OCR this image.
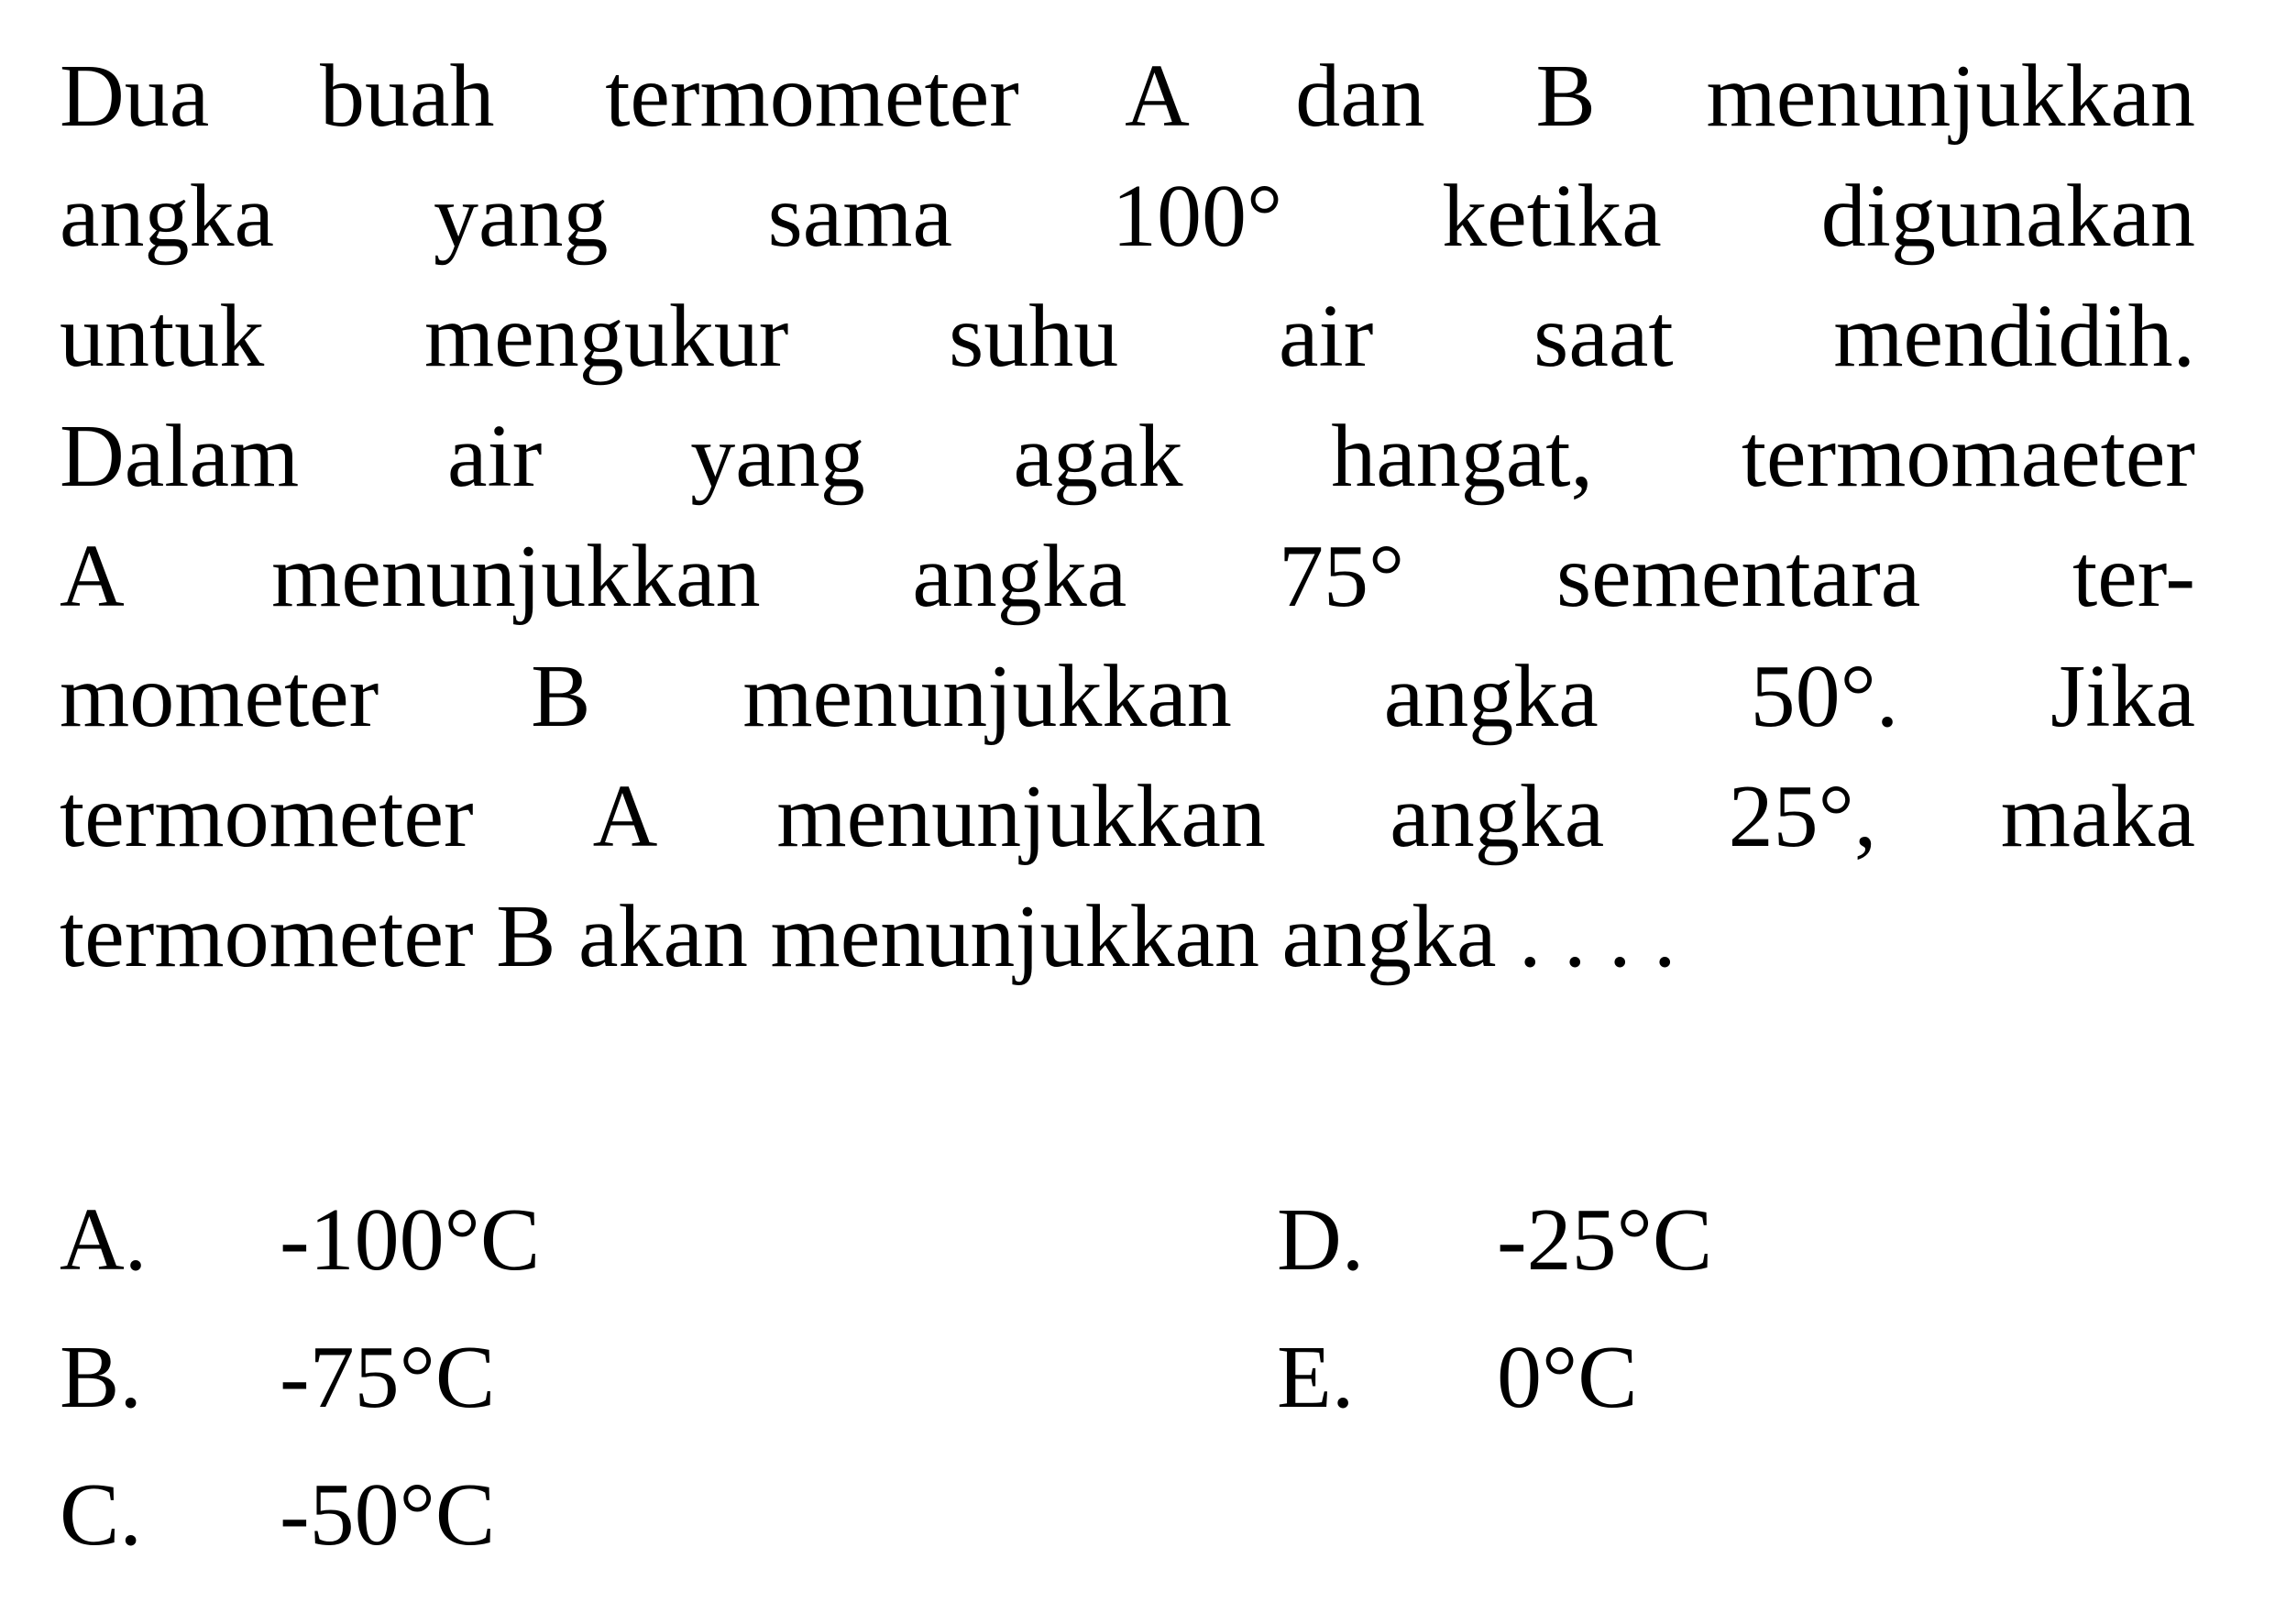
Dua buah termometer A dan B menunjukkan
angka yang sama 100° ketika digunakan
untuk mengukur suhu air saat mendidih.
Dalam air yang agak hangat, termomaeter
A menunjukkan angka 75° sementara ter-
mometer B menunjukkan angka 50°. Jika
termometer A menunjukkan angka 25°, maka
termometer B akan menunjukkan angka . . . .
A. -100°C
B. -75°C
C. -50°C
D. -25°C
E. 0°C
